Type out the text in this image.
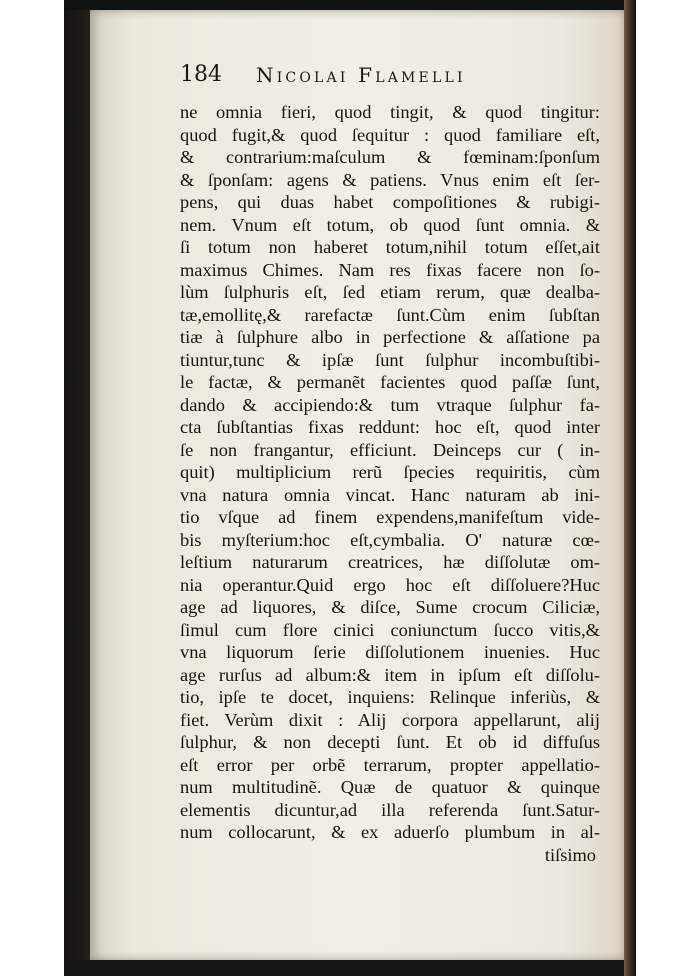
184 Nicolai Flamelli
ne omnia fieri, quod tingit, & quod tingitur:
quod fugit,& quod ſequitur : quod familiare eſt,
& contrarium:maſculum & fœminam:ſponſum
& ſponſam: agens & patiens. Vnus enim eſt ſer-
pens, qui duas habet compoſitiones & rubigi-
nem. Vnum eſt totum, ob quod ſunt omnia. &
ſi totum non haberet totum,nihil totum eſſet,ait
maximus Chimes. Nam res fixas facere non ſo-
lùm ſulphuris eſt, ſed etiam rerum, quæ dealba-
tæ,emollitę,& rarefactæ ſunt.Cùm enim ſubſtan
tiæ à ſulphure albo in perfectione & aſſatione pa
tiuntur,tunc & ipſæ ſunt ſulphur incombuſtibi-
le factæ, & permanẽt facientes quod paſſæ ſunt,
dando & accipiendo:& tum vtraque ſulphur fa-
cta ſubſtantias fixas reddunt: hoc eſt, quod inter
ſe non frangantur, efficiunt. Deinceps cur ( in-
quit) multiplicium rerũ ſpecies requiritis, cùm
vna natura omnia vincat. Hanc naturam ab ini-
tio vſque ad finem expendens,manifeſtum vide-
bis myſterium:hoc eſt,cymbalia. O' naturæ cœ-
leſtium naturarum creatrices, hæ diſſolutæ om-
nia operantur.Quid ergo hoc eſt diſſoluere?Huc
age ad liquores, & diſce, Sume crocum Ciliciæ,
ſimul cum flore cinici coniunctum ſucco vitis,&
vna liquorum ſerie diſſolutionem inuenies. Huc
age rurſus ad album:& item in ipſum eſt diſſolu-
tio, ipſe te docet, inquiens: Relinque inferiùs, &
fiet. Verùm dixit : Alij corpora appellarunt, alij
ſulphur, & non decepti ſunt. Et ob id diffuſus
eſt error per orbẽ terrarum, propter appellatio-
num multitudinẽ. Quæ de quatuor & quinque
elementis dicuntur,ad illa referenda ſunt.Satur-
num collocarunt, & ex aduerſo plumbum in al-
tiſsimo
